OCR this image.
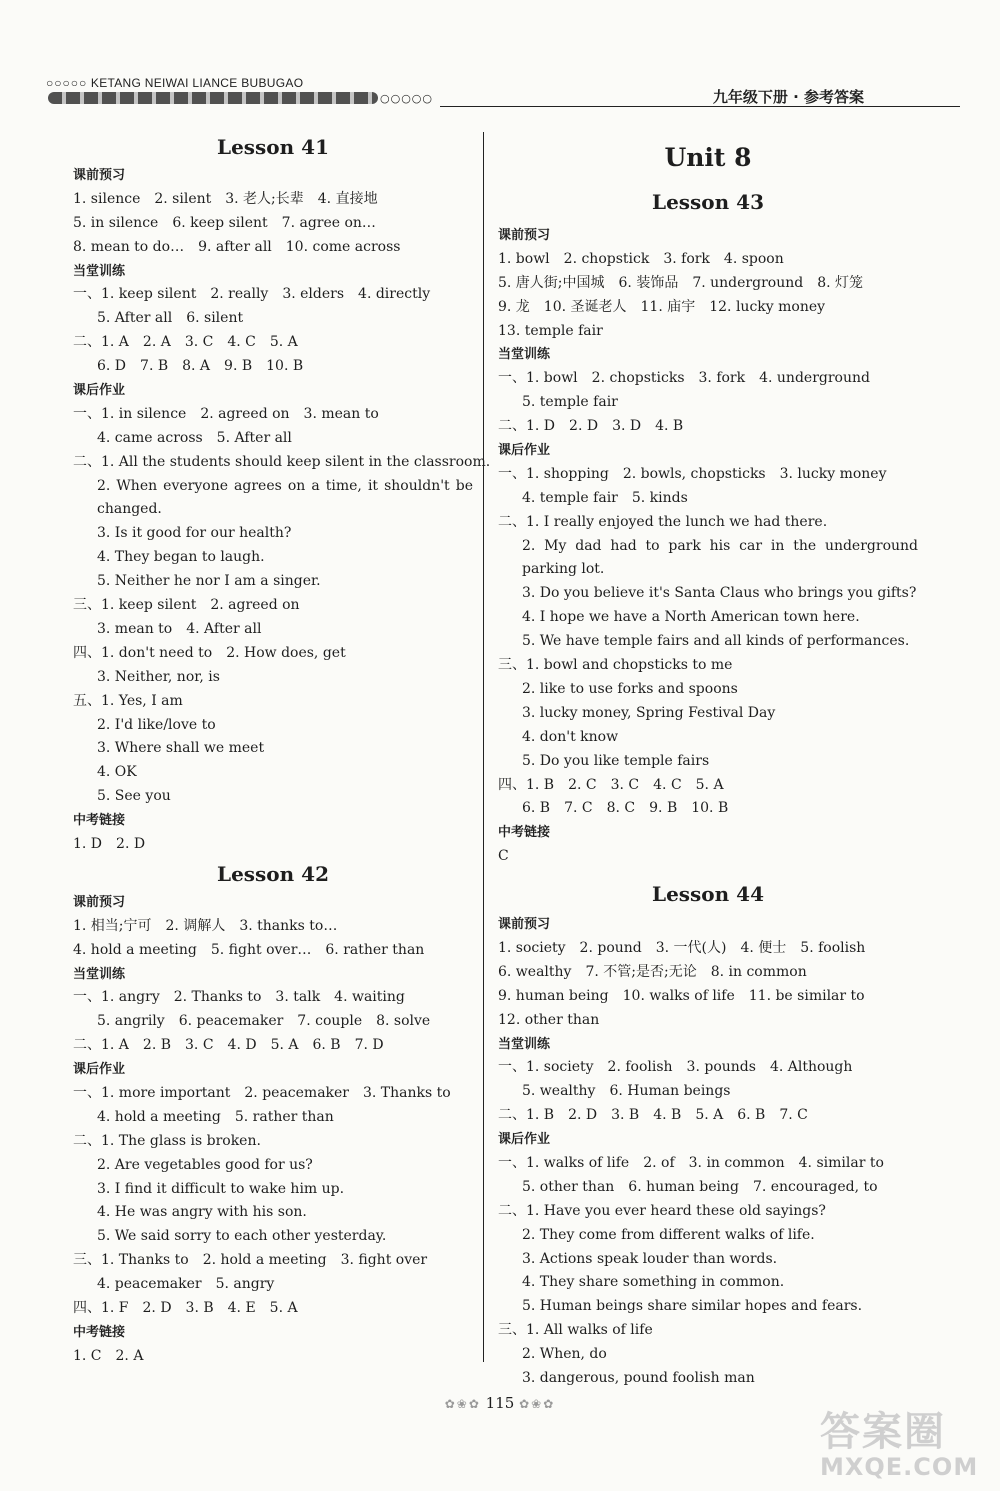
○○○○○ KETANG NEIWAI LIANCE BUBUGAO
○○○○○	九年级下册 · 参考答案
Lesson 41
课前预习
1. silence　2. silent　3. 老人;长辈　4. 直接地
5. in silence　6. keep silent　7. agree on…
8. mean to do…　9. after all　10. come across
当堂训练
一、1. keep silent　2. really　3. elders　4. directly
5. After all　6. silent
二、1. A　2. A　3. C　4. C　5. A
6. D　7. B　8. A　9. B　10. B
课后作业
一、1. in silence　2. agreed on　3. mean to
4. came across　5. After all
二、1. All the students should keep silent in the classroom.
2. When everyone agrees on a time, it shouldn't be changed.
3. Is it good for our health?
4. They began to laugh.
5. Neither he nor I am a singer.
三、1. keep silent　2. agreed on
3. mean to　4. After all
四、1. don't need to　2. How does, get
3. Neither, nor, is
五、1. Yes, I am
2. I'd like/love to
3. Where shall we meet
4. OK
5. See you
中考链接
1. D　2. D
Lesson 42
课前预习
1. 相当;宁可　2. 调解人　3. thanks to…
4. hold a meeting　5. fight over…　6. rather than
当堂训练
一、1. angry　2. Thanks to　3. talk　4. waiting
5. angrily　6. peacemaker　7. couple　8. solve
二、1. A　2. B　3. C　4. D　5. A　6. B　7. D
课后作业
一、1. more important　2. peacemaker　3. Thanks to
4. hold a meeting　5. rather than
二、1. The glass is broken.
2. Are vegetables good for us?
3. I find it difficult to wake him up.
4. He was angry with his son.
5. We said sorry to each other yesterday.
三、1. Thanks to　2. hold a meeting　3. fight over
4. peacemaker　5. angry
四、1. F　2. D　3. B　4. E　5. A
中考链接
1. C　2. A
Unit 8
Lesson 43
课前预习
1. bowl　2. chopstick　3. fork　4. spoon
5. 唐人街;中国城　6. 装饰品　7. underground　8. 灯笼
9. 龙　10. 圣诞老人　11. 庙宇　12. lucky money
13. temple fair
当堂训练
一、1. bowl　2. chopsticks　3. fork　4. underground
5. temple fair
二、1. D　2. D　3. D　4. B
课后作业
一、1. shopping　2. bowls, chopsticks　3. lucky money
4. temple fair　5. kinds
二、1. I really enjoyed the lunch we had there.
2. My dad had to park his car in the underground parking lot.
3. Do you believe it's Santa Claus who brings you gifts?
4. I hope we have a North American town here.
5. We have temple fairs and all kinds of performances.
三、1. bowl and chopsticks to me
2. like to use forks and spoons
3. lucky money, Spring Festival Day
4. don't know
5. Do you like temple fairs
四、1. B　2. C　3. C　4. C　5. A
6. B　7. C　8. C　9. B　10. B
中考链接
C
Lesson 44
课前预习
1. society　2. pound　3. 一代(人)　4. 便士　5. foolish
6. wealthy　7. 不管;是否;无论　8. in common
9. human being　10. walks of life　11. be similar to
12. other than
当堂训练
一、1. society　2. foolish　3. pounds　4. Although
5. wealthy　6. Human beings
二、1. B　2. D　3. B　4. B　5. A　6. B　7. C
课后作业
一、1. walks of life　2. of　3. in common　4. similar to
5. other than　6. human being　7. encouraged, to
二、1. Have you ever heard these old sayings?
2. They come from different walks of life.
3. Actions speak louder than words.
4. They share something in common.
5. Human beings share similar hopes and fears.
三、1. All walks of life
2. When, do
3. dangerous, pound foolish man
✿❀✿ 115 ✿❀✿
答案圈
MXQE.COM
